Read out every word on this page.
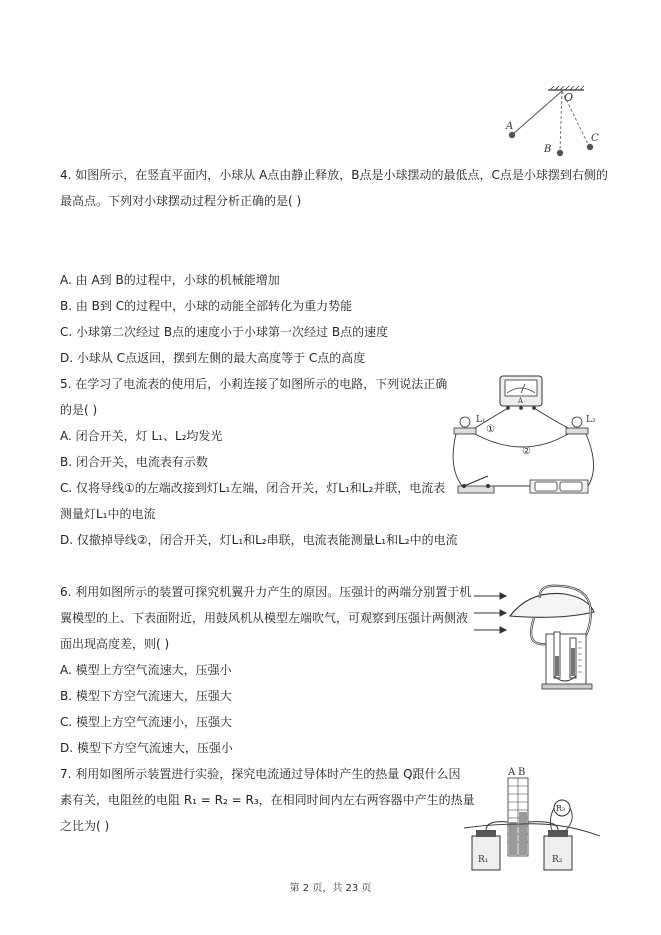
O
A
B
C
4. 如图所示，在竖直平面内，小球从 A点由静止释放，B点是小球摆动的最低点，C点是小球摆到右侧的
最高点。下列对小球摆动过程分析正确的是( )
A. 由 A到 B的过程中，小球的机械能增加
B. 由 B到 C的过程中，小球的动能全部转化为重力势能
C. 小球第二次经过 B点的速度小于小球第一次经过 B点的速度
D. 小球从 C点返回，摆到左侧的最大高度等于 C点的高度
5. 在学习了电流表的使用后，小莉连接了如图所示的电路，下列说法正确
的是( )
A. 闭合开关，灯 L₁、L₂均发光
B. 闭合开关，电流表有示数
C. 仅将导线①的左端改接到灯L₁左端，闭合开关，灯L₁和L₂并联，电流表
测量灯L₁中的电流
D. 仅撤掉导线②，闭合开关，灯L₁和L₂串联，电流表能测量L₁和L₂中的电流
A
L₁	L₂
①
②
6. 利用如图所示的装置可探究机翼升力产生的原因。压强计的两端分别置于机
翼模型的上、下表面附近，用鼓风机从模型左端吹气，可观察到压强计两侧液
面出现高度差，则( )
A. 模型上方空气流速大，压强小
B. 模型下方空气流速大，压强大
C. 模型上方空气流速小，压强大
D. 模型下方空气流速大，压强小
7. 利用如图所示装置进行实验，探究电流通过导体时产生的热量 Q跟什么因
素有关，电阻丝的电阻 R₁ = R₂ = R₃，在相同时间内左右两容器中产生的热量
之比为( )
A B
R₁	R₂
R₃
第 2 页，共 23 页
